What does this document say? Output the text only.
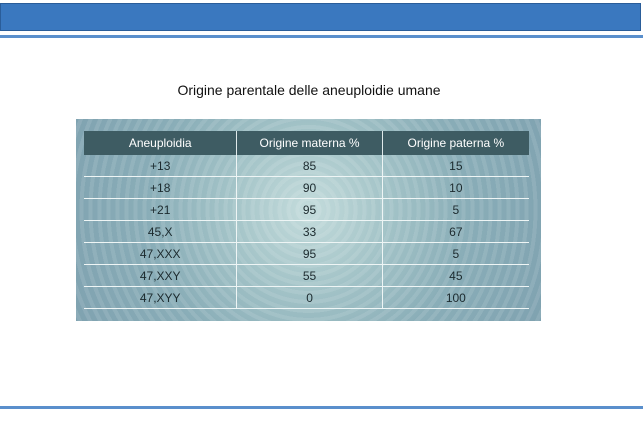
Origine parentale delle aneuploidie umane
Aneuploidia	Origine materna %	Origine paterna %
+13	85	15
+18	90	10
+21	95	5
45,X	33	67
47,XXX	95	5
47,XXY	55	45
47,XYY	0	100
